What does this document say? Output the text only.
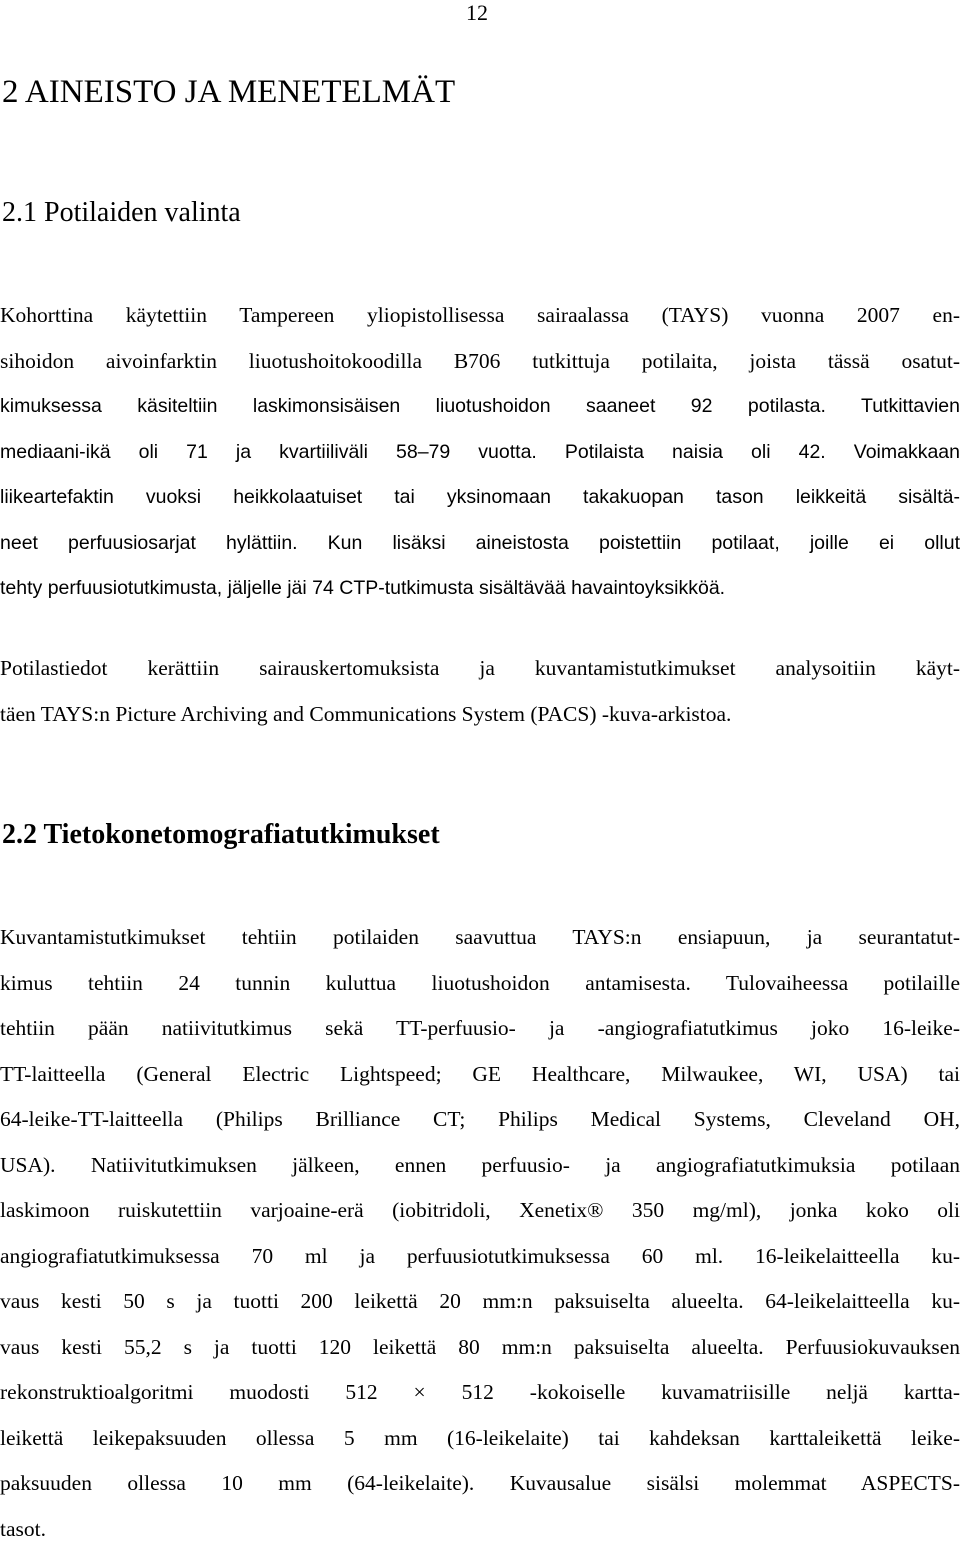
12
2 AINEISTO JA MENETELMÄT
2.1 Potilaiden valinta
Kohorttina käytettiin Tampereen yliopistollisessa sairaalassa (TAYS) vuonna 2007 en-
sihoidon aivoinfarktin liuotushoitokoodilla B706 tutkittuja potilaita, joista tässä osatut-
kimuksessa käsiteltiin laskimonsisäisen liuotushoidon saaneet 92 potilasta. Tutkittavien
mediaani-ikä oli 71 ja kvartiiliväli 58–79 vuotta. Potilaista naisia oli 42. Voimakkaan
liikeartefaktin vuoksi heikkolaatuiset tai yksinomaan takakuopan tason leikkeitä sisältä-
neet perfuusiosarjat hylättiin. Kun lisäksi aineistosta poistettiin potilaat, joille ei ollut
tehty perfuusiotutkimusta, jäljelle jäi 74 CTP-tutkimusta sisältävää havaintoyksikköä.
Potilastiedot kerättiin sairauskertomuksista ja kuvantamistutkimukset analysoitiin käyt-
täen TAYS:n Picture Archiving and Communications System (PACS) -kuva-arkistoa.
2.2 Tietokonetomografiatutkimukset
Kuvantamistutkimukset tehtiin potilaiden saavuttua TAYS:n ensiapuun, ja seurantatut-
kimus tehtiin 24 tunnin kuluttua liuotushoidon antamisesta. Tulovaiheessa potilaille
tehtiin pään natiivitutkimus sekä TT-perfuusio- ja -angiografiatutkimus joko 16-leike-
TT-laitteella (General Electric Lightspeed; GE Healthcare, Milwaukee, WI, USA) tai
64-leike-TT-laitteella (Philips Brilliance CT; Philips Medical Systems, Cleveland OH,
USA). Natiivitutkimuksen jälkeen, ennen perfuusio- ja angiografiatutkimuksia potilaan
laskimoon ruiskutettiin varjoaine-erä (iobitridoli, Xenetix® 350 mg/ml), jonka koko oli
angiografiatutkimuksessa 70 ml ja perfuusiotutkimuksessa 60 ml. 16-leikelaitteella ku-
vaus kesti 50 s ja tuotti 200 leikettä 20 mm:n paksuiselta alueelta. 64-leikelaitteella ku-
vaus kesti 55,2 s ja tuotti 120 leikettä 80 mm:n paksuiselta alueelta. Perfuusiokuvauksen
rekonstruktioalgoritmi muodosti 512 × 512 -kokoiselle kuvamatriisille neljä kartta-
leikettä leikepaksuuden ollessa 5 mm (16-leikelaite) tai kahdeksan karttaleikettä leike-
paksuuden ollessa 10 mm (64-leikelaite). Kuvausalue sisälsi molemmat ASPECTS-
tasot.
